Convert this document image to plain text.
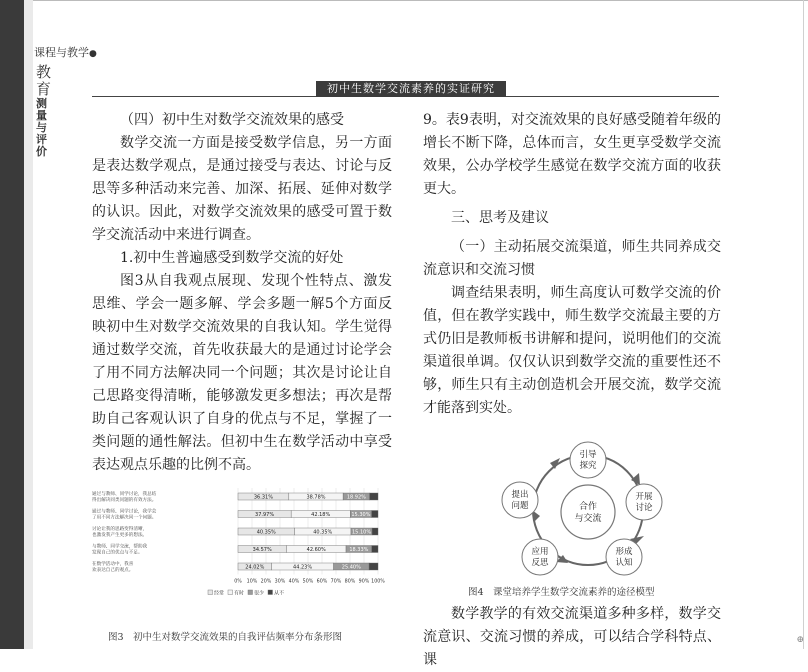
课程与教学●
教
育
测
量
与
评
价
初中生数学交流素养的实证研究

（四）初中生对数学交流效果的感受

数学交流一方面是接受数学信息，另一方面是表达数学观点，是通过接受与表达、讨论与反思等多种活动来完善、加深、拓展、延伸对数学的认识。因此，对数学交流效果的感受可置于数学交流活动中来进行调查。

1.初中生普遍感受到数学交流的好处

图3从自我观点展现、发现个性特点、激发思维、学会一题多解、学会多题一解5个方面反映初中生对数学交流效果的自我认知。学生觉得通过数学交流，首先收获最大的是通过讨论学会了用不同方法解决同一个问题；其次是讨论让自己思路变得清晰，能够激发更多想法；再次是帮助自己客观认识了自身的优点与不足，掌握了一类问题的通性解法。但初中生在数学活动中享受表达观点乐趣的比例不高。

9。表9表明，对交流效果的良好感受随着年级的增长不断下降，总体而言，女生更享受数学交流效果，公办学校学生感觉在数学交流方面的收获更大。

三、思考及建议

（一）主动拓展交流渠道，师生共同养成交流意识和交流习惯

调查结果表明，师生高度认可数学交流的价值，但在教学实践中，师生数学交流最主要的方式仍旧是教师板书讲解和提问，说明他们的交流渠道很单调。仅仅认识到数学交流的重要性还不够，师生只有主动创造机会开展交流，数学交流才能落到实处。

合作
与交流
引导
探究
开展
讨论
形成
认知
应用
反思
提出
问题
图4　课堂培养学生数学交流素养的途径模型

数学教学的有效交流渠道多种多样，数学交流意识、交流习惯的养成，可以结合学科特点、课

通过与教师、同学讨论，我总结得出解决同类问题的有效方法。
36.31%	38.78%	18.92%
通过与教师、同学讨论，我学会了用不同方法解决同一个问题。
37.97%	42.18%	15.30%
讨论让我的思路变得清晰，也激发我产生更多的想法。
40.35%	40.35%	15.10%
与教师、同学交流，帮助我发现自己的优点与不足。
34.57%	42.60%	18.33%
在数学活动中，我喜欢表达自己的观点。
24.02%	44.23%	25.40%
0% 10% 20% 30% 40% 50% 60% 70% 80% 90% 100%
经常 有时 很少 从不
图3　初中生对数学交流效果的自我评估频率分布条形图	⊕
